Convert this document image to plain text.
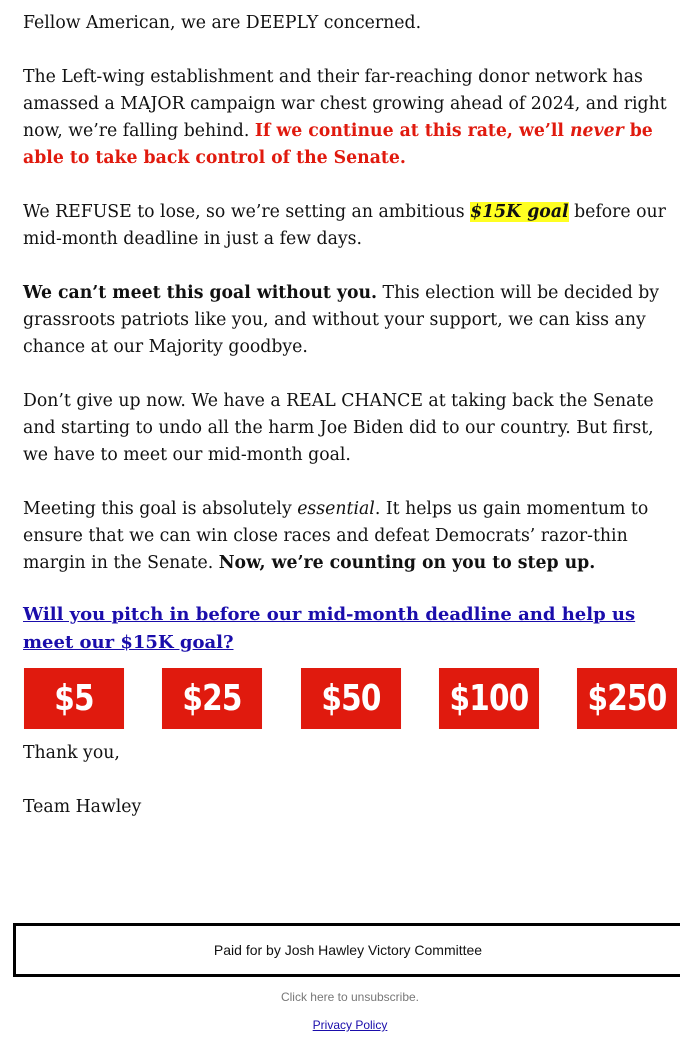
Fellow American, we are DEEPLY concerned.

The Left-wing establishment and their far-reaching donor network has amassed a MAJOR campaign war chest growing ahead of 2024, and right now, we’re falling behind. If we continue at this rate, we’ll never be able to take back control of the Senate.

We REFUSE to lose, so we’re setting an ambitious $15K goal before our mid-month deadline in just a few days.

We can’t meet this goal without you. This election will be decided by grassroots patriots like you, and without your support, we can kiss any chance at our Majority goodbye.

Don’t give up now. We have a REAL CHANCE at taking back the Senate and starting to undo all the harm Joe Biden did to our country. But first, we have to meet our mid-month goal.

Meeting this goal is absolutely essential. It helps us gain momentum to ensure that we can win close races and defeat Democrats’ razor-thin margin in the Senate. Now, we’re counting on you to step up.

Will you pitch in before our mid-month deadline and help us meet our $15K goal?

$5	$25	$50	$100 $250

Thank you,

Team Hawley

Paid for by Josh Hawley Victory Committee
Click here to unsubscribe.
Privacy Policy
